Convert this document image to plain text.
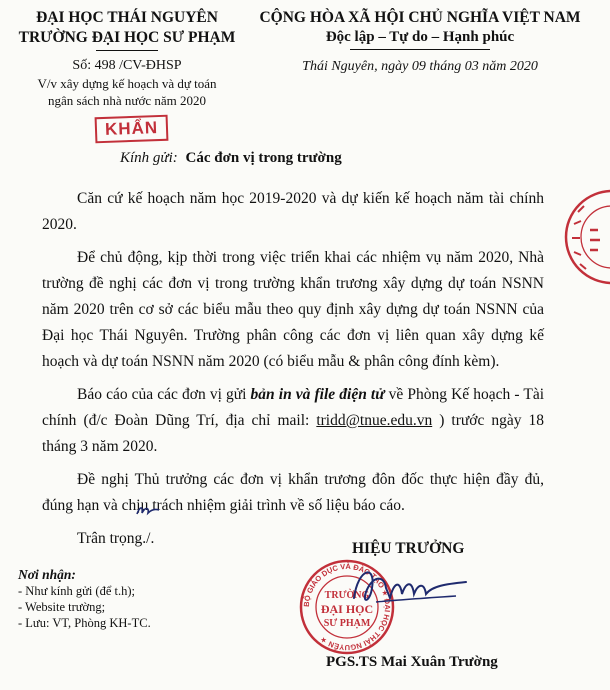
ĐẠI HỌC THÁI NGUYÊN
TRƯỜNG ĐẠI HỌC SƯ PHẠM
Số: 498 /CV-ĐHSP
V/v xây dựng kế hoạch và dự toán
ngân sách nhà nước năm 2020
CỘNG HÒA XÃ HỘI CHỦ NGHĨA VIỆT NAM
Độc lập – Tự do – Hạnh phúc
Thái Nguyên, ngày 09 tháng 03 năm 2020
KHẨN
Kính gửi: Các đơn vị trong trường

Căn cứ kế hoạch năm học 2019-2020 và dự kiến kế hoạch năm tài chính 2020.

Để chủ động, kịp thời trong việc triển khai các nhiệm vụ năm 2020, Nhà trường đề nghị các đơn vị trong trường khẩn trương xây dựng dự toán NSNN năm 2020 trên cơ sở các biểu mẫu theo quy định xây dựng dự toán NSNN của Đại học Thái Nguyên. Trường phân công các đơn vị liên quan xây dựng kế hoạch và dự toán NSNN năm 2020 (có biểu mẫu & phân công đính kèm).

Báo cáo của các đơn vị gửi bản in và file điện tử về Phòng Kế hoạch - Tài chính (đ/c Đoàn Dũng Trí, địa chỉ mail: tridd@tnue.edu.vn ) trước ngày 18 tháng 3 năm 2020.

Đề nghị Thủ trưởng các đơn vị khẩn trương đôn đốc thực hiện đầy đủ, đúng hạn và chịu trách nhiệm giải trình về số liệu báo cáo.

Trân trọng./.
Nơi nhận:
- Như kính gửi (để t.h);
- Website trường;
- Lưu: VT, Phòng KH-TC.
HIỆU TRƯỞNG
BỘ GIÁO DỤC VÀ ĐÀO TẠO ★ ĐẠI HỌC THÁI NGUYÊN ★
TRƯỜNG
ĐẠI HỌC
SƯ PHẠM
PGS.TS Mai Xuân Trường
